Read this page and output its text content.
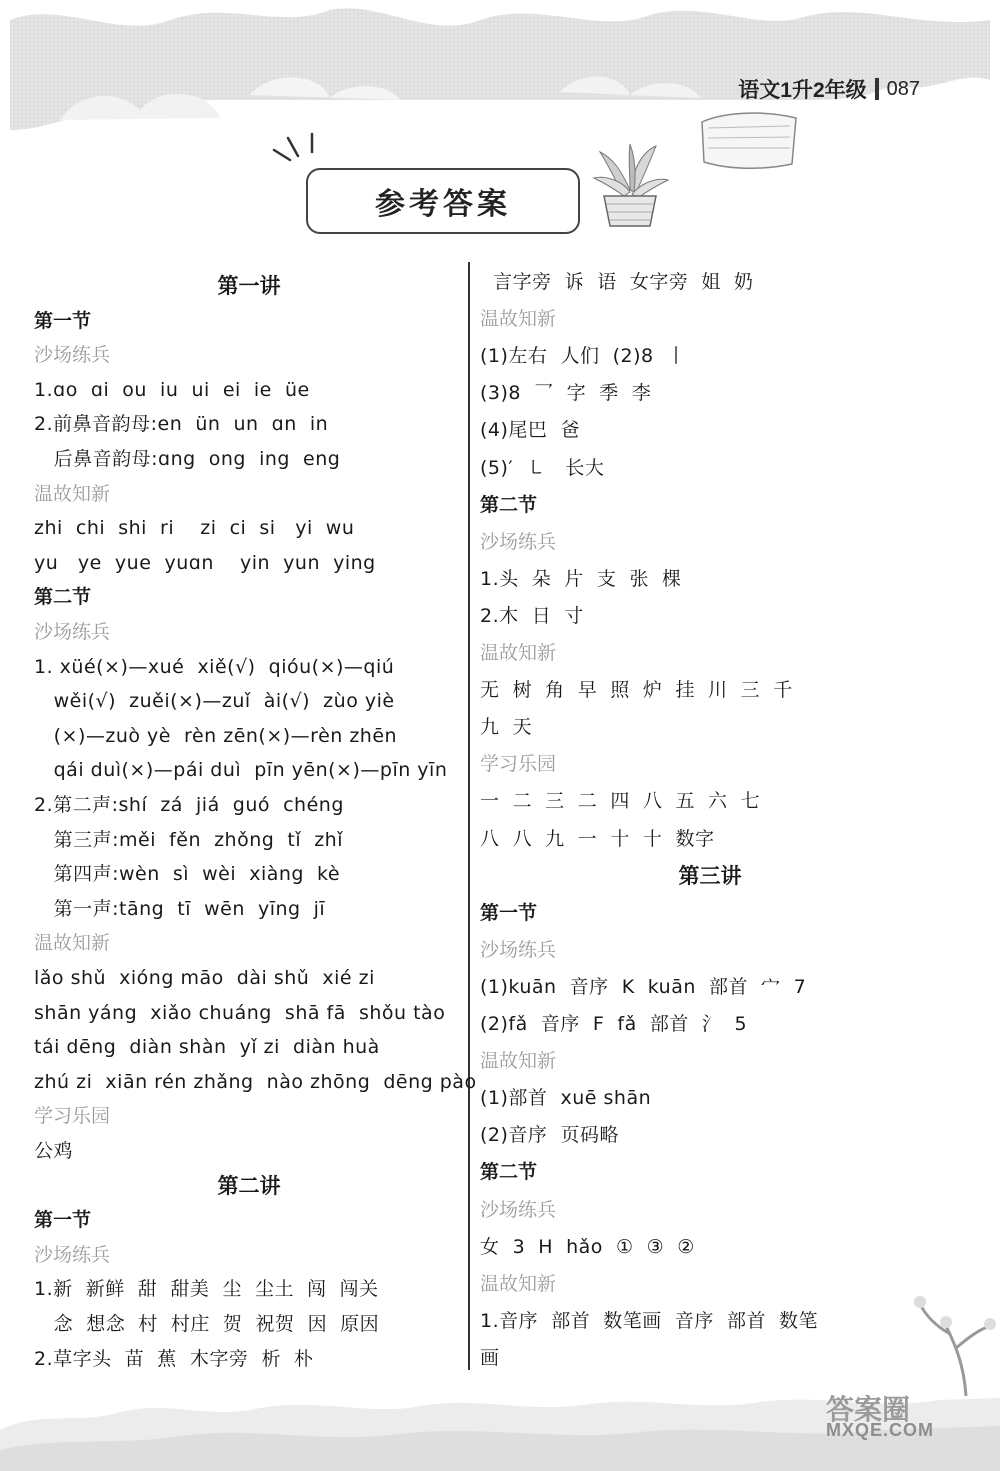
语文1升2年级 087
参考答案
第一讲
第一节
沙场练兵
1.ɑo  ɑi  ou  iu  ui  ei  ie  üe
2.前鼻音韵母:en  ün  un  ɑn  in
后鼻音韵母:ɑng  ong  ing  eng
温故知新
zhi  chi  shi  ri    zi  ci  si   yi  wu
yu   ye  yue  yuɑn    yin  yun  ying
第二节
沙场练兵
1. xüé(×)—xué  xiě(√)  qióu(×)—qiú
wěi(√)  zuěi(×)—zuǐ  ài(√)  zùo yiè
(×)—zuò yè  rèn zēn(×)—rèn zhēn
qái duì(×)—pái duì  pīn yēn(×)—pīn yīn
2.第二声:shí  zá  jiá  guó  chéng
第三声:měi  fěn  zhǒng  tǐ  zhǐ
第四声:wèn  sì  wèi  xiàng  kè
第一声:tāng  tī  wēn  yīng  jī
温故知新
lǎo shǔ  xióng māo  dài shǔ  xié zi
shān yáng  xiǎo chuáng  shā fā  shǒu tào
tái dēng  diàn shàn  yǐ zi  diàn huà
zhú zi  xiān rén zhǎng  nào zhōng  dēng pào
学习乐园
公鸡
第二讲
第一节
沙场练兵
1.新  新鲜  甜  甜美  尘  尘土  闯  闯关
念  想念  村  村庄  贺  祝贺  因  原因
2.草字头  苗  蕉  木字旁  析  朴
言字旁  诉  语  女字旁  姐  奶
温故知新
(1)左右  人们  (2)8  丨
(3)8  乛  字  季  李
(4)尾巴  爸
(5)′  ㇄   长大
第二节
沙场练兵
1.头  朵  片  支  张  棵
2.木  日  寸
温故知新
无  树  角  早  照  炉  挂  川  三  千
九  天
学习乐园
一  二  三  二  四  八  五  六  七
八  八  九  一  十  十  数字
第三讲
第一节
沙场练兵
(1)kuān  音序  K  kuān  部首  宀  7
(2)fǎ  音序  F  fǎ  部首  氵  5
温故知新
(1)部首  xuē shān
(2)音序  页码略
第二节
沙场练兵
女  3  H  hǎo  ①  ③  ②
温故知新
1.音序  部首  数笔画  音序  部首  数笔
画
答案圈
MXQE.COM
